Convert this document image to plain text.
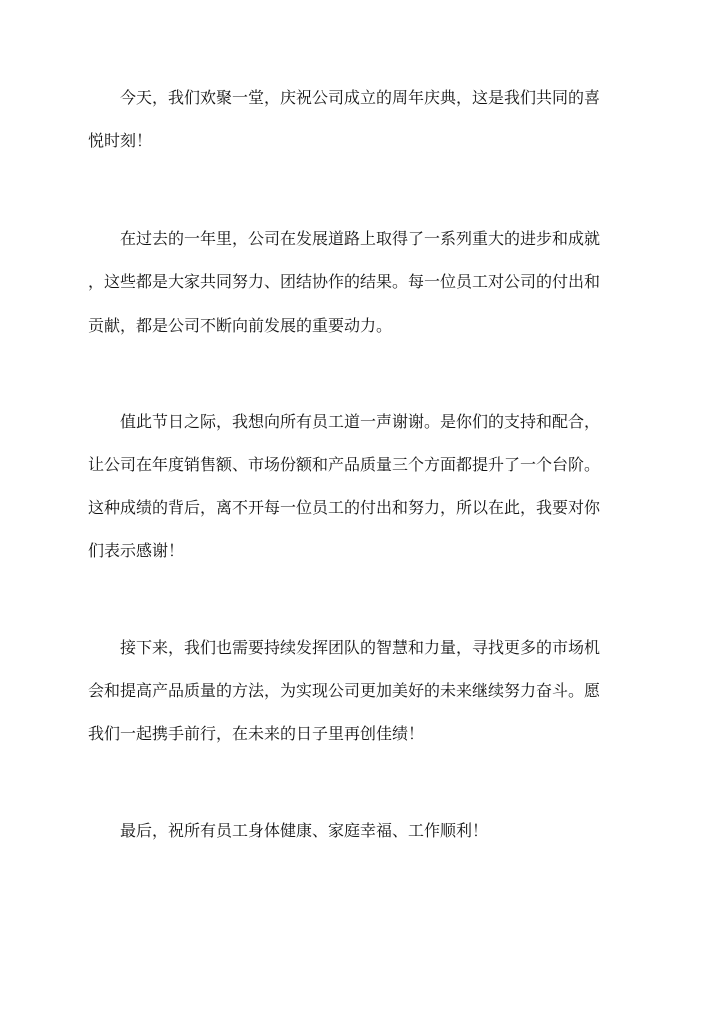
今天，我们欢聚一堂，庆祝公司成立的周年庆典，这是我们共同的喜

悦时刻！

在过去的一年里，公司在发展道路上取得了一系列重大的进步和成就

，这些都是大家共同努力、团结协作的结果。每一位员工对公司的付出和

贡献，都是公司不断向前发展的重要动力。

值此节日之际，我想向所有员工道一声谢谢。是你们的支持和配合，

让公司在年度销售额、市场份额和产品质量三个方面都提升了一个台阶。

这种成绩的背后，离不开每一位员工的付出和努力，所以在此，我要对你

们表示感谢！

接下来，我们也需要持续发挥团队的智慧和力量，寻找更多的市场机

会和提高产品质量的方法，为实现公司更加美好的未来继续努力奋斗。愿

我们一起携手前行，在未来的日子里再创佳绩！

最后，祝所有员工身体健康、家庭幸福、工作顺利！
